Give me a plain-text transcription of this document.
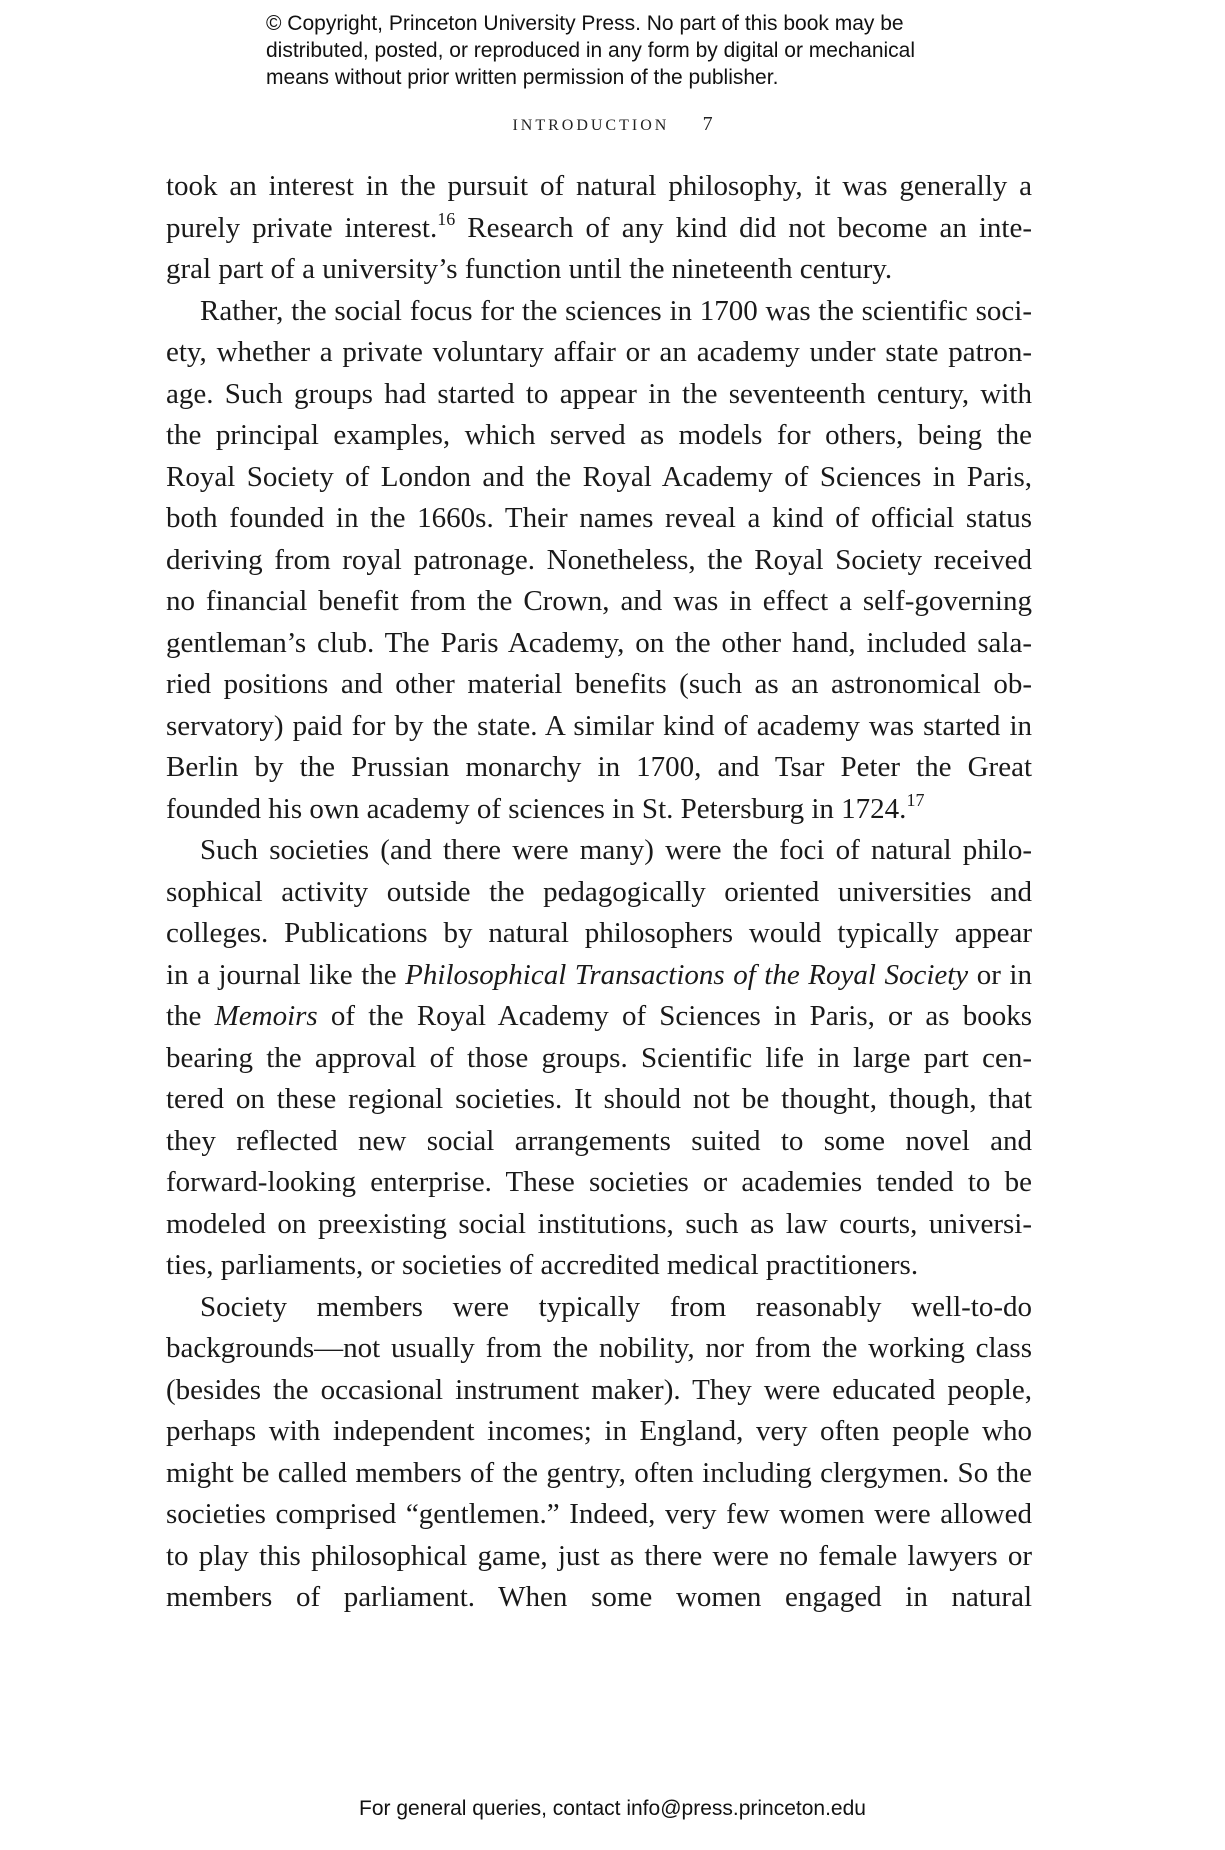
© Copyright, Princeton University Press. No part of this book may be
distributed, posted, or reproduced in any form by digital or mechanical
means without prior written permission of the publisher.
INTRODUCTION 7
took an interest in the pursuit of natural philosophy, it was generally a
purely private interest.$^{16}$ Research of any kind did not become an inte-
gral part of a university’s function until the nineteenth century.
Rather, the social focus for the sciences in 1700 was the scientific soci-
ety, whether a private voluntary affair or an academy under state patron-
age. Such groups had started to appear in the seventeenth century, with
the principal examples, which served as models for others, being the
Royal Society of London and the Royal Academy of Sciences in Paris,
both founded in the 1660s. Their names reveal a kind of official status
deriving from royal patronage. Nonetheless, the Royal Society received
no financial benefit from the Crown, and was in effect a self-governing
gentleman’s club. The Paris Academy, on the other hand, included sala-
ried positions and other material benefits (such as an astronomical ob-
servatory) paid for by the state. A similar kind of academy was started in
Berlin by the Prussian monarchy in 1700, and Tsar Peter the Great
founded his own academy of sciences in St. Petersburg in 1724.17
Such societies (and there were many) were the foci of natural philo-
sophical activity outside the pedagogically oriented universities and
colleges. Publications by natural philosophers would typically appear
in a journal like the Philosophical Transactions of the Royal Society or in
the Memoirs of the Royal Academy of Sciences in Paris, or as books
bearing the approval of those groups. Scientific life in large part cen-
tered on these regional societies. It should not be thought, though, that
they reflected new social arrangements suited to some novel and
forward-looking enterprise. These societies or academies tended to be
modeled on preexisting social institutions, such as law courts, universi-
ties, parliaments, or societies of accredited medical practitioners.
Society members were typically from reasonably well-to-do
backgrounds—not usually from the nobility, nor from the working class
(besides the occasional instrument maker). They were educated people,
perhaps with independent incomes; in England, very often people who
might be called members of the gentry, often including clergymen. So the
societies comprised “gentlemen.” Indeed, very few women were allowed
to play this philosophical game, just as there were no female lawyers or
members of parliament. When some women engaged in natural
For general queries, contact info@press.princeton.edu
